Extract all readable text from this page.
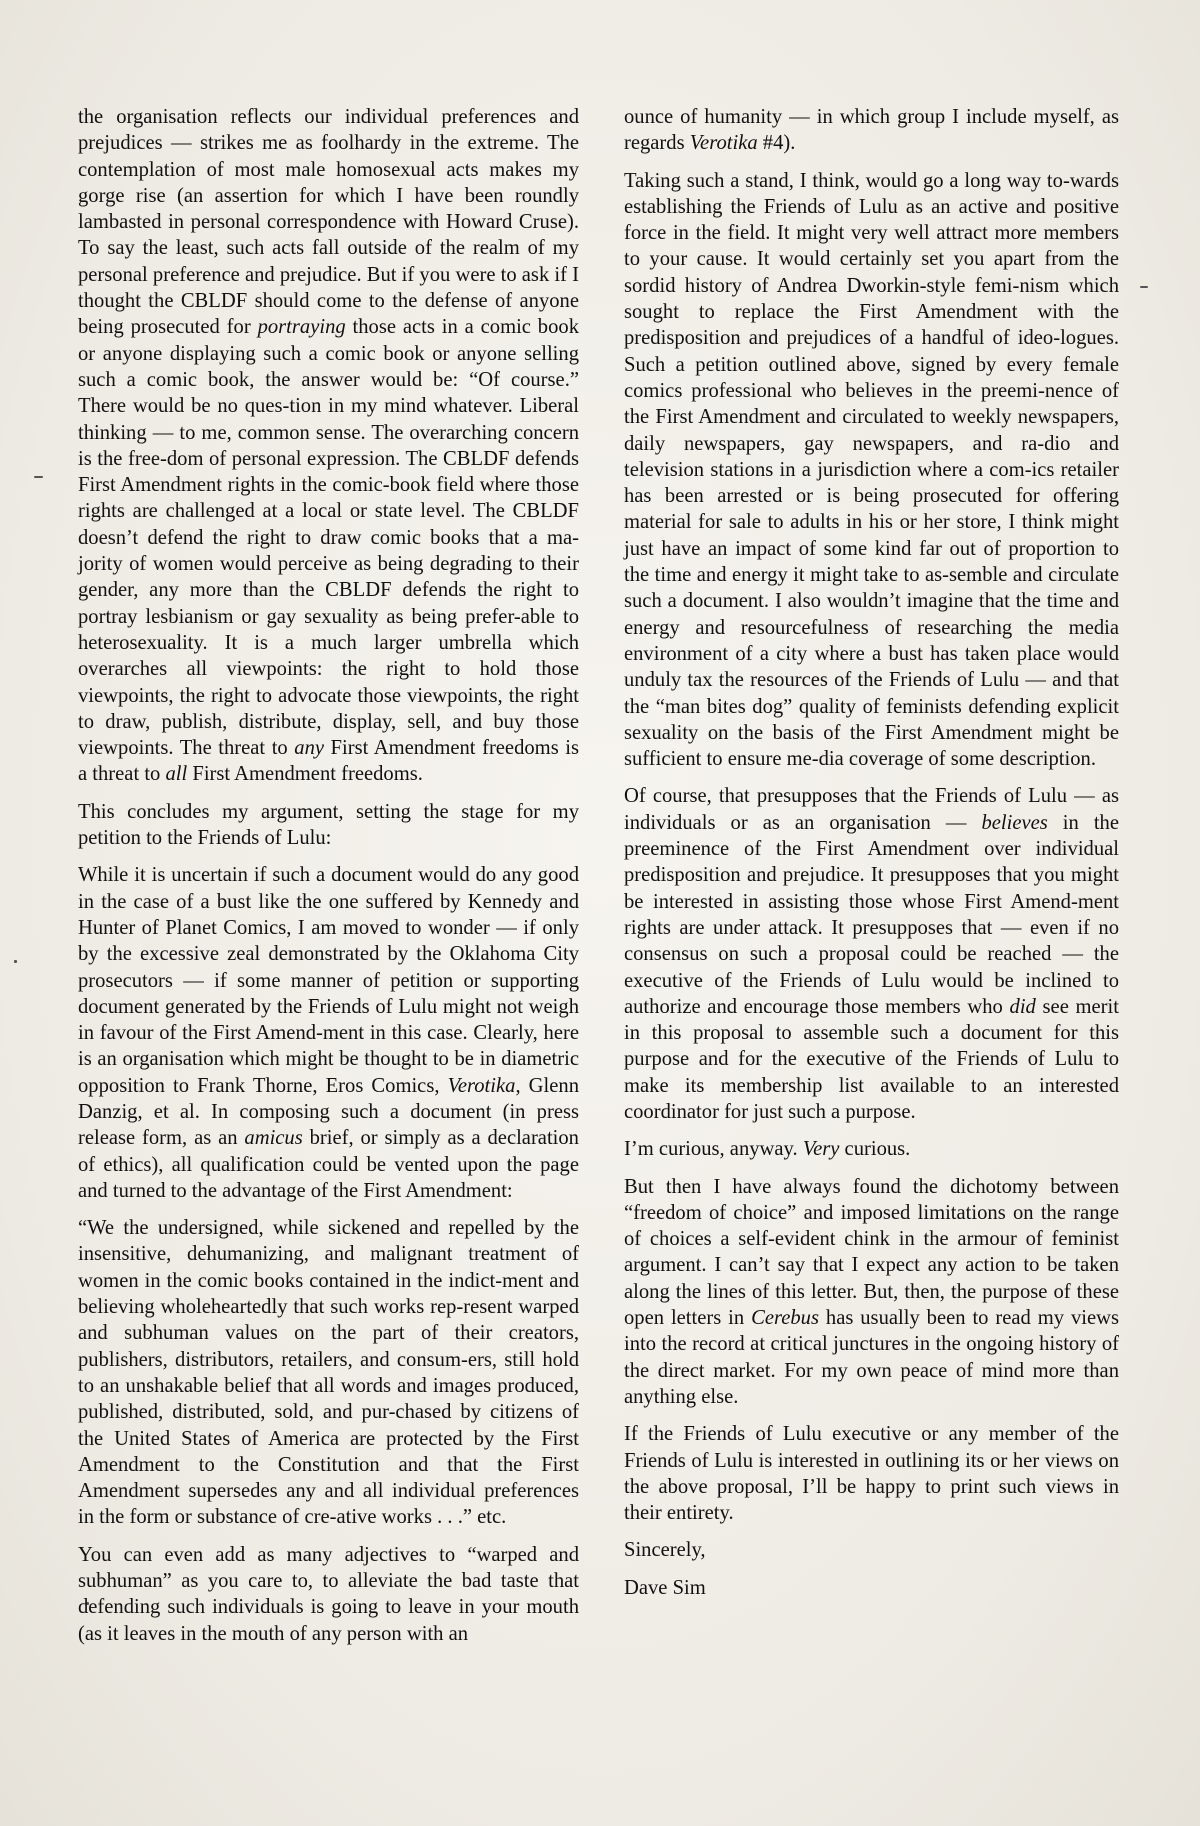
the organisation reflects our individual preferences and prejudices — strikes me as foolhardy in the extreme. The contemplation of most male homosexual acts makes my gorge rise (an assertion for which I have been roundly lambasted in personal correspondence with Howard Cruse). To say the least, such acts fall outside of the realm of my personal preference and prejudice. But if you were to ask if I thought the CBLDF should come to the defense of anyone being prosecuted for portraying those acts in a comic book or anyone displaying such a comic book or anyone selling such a comic book, the answer would be: “Of course.” There would be no ques-tion in my mind whatever. Liberal thinking — to me, common sense. The overarching concern is the free-dom of personal expression. The CBLDF defends First Amendment rights in the comic-book field where those rights are challenged at a local or state level. The CBLDF doesn’t defend the right to draw comic books that a ma-jority of women would perceive as being degrading to their gender, any more than the CBLDF defends the right to portray lesbianism or gay sexuality as being prefer-able to heterosexuality. It is a much larger umbrella which overarches all viewpoints: the right to hold those viewpoints, the right to advocate those viewpoints, the right to draw, publish, distribute, display, sell, and buy those viewpoints. The threat to any First Amendment freedoms is a threat to all First Amendment freedoms.

This concludes my argument, setting the stage for my petition to the Friends of Lulu:

While it is uncertain if such a document would do any good in the case of a bust like the one suffered by Kennedy and Hunter of Planet Comics, I am moved to wonder — if only by the excessive zeal demonstrated by the Oklahoma City prosecutors — if some manner of petition or supporting document generated by the Friends of Lulu might not weigh in favour of the First Amend-ment in this case. Clearly, here is an organisation which might be thought to be in diametric opposition to Frank Thorne, Eros Comics, Verotika, Glenn Danzig, et al. In composing such a document (in press release form, as an amicus brief, or simply as a declaration of ethics), all qualification could be vented upon the page and turned to the advantage of the First Amendment:

“We the undersigned, while sickened and repelled by the insensitive, dehumanizing, and malignant treatment of women in the comic books contained in the indict-ment and believing wholeheartedly that such works rep-resent warped and subhuman values on the part of their creators, publishers, distributors, retailers, and consum-ers, still hold to an unshakable belief that all words and images produced, published, distributed, sold, and pur-chased by citizens of the United States of America are protected by the First Amendment to the Constitution and that the First Amendment supersedes any and all individual preferences in the form or substance of cre-ative works . . .” etc.

You can even add as many adjectives to “warped and subhuman” as you care to, to alleviate the bad taste that defending such individuals is going to leave in your mouth (as it leaves in the mouth of any person with an

ounce of humanity — in which group I include myself, as regards Verotika #4).

Taking such a stand, I think, would go a long way to-wards establishing the Friends of Lulu as an active and positive force in the field. It might very well attract more members to your cause. It would certainly set you apart from the sordid history of Andrea Dworkin-style femi-nism which sought to replace the First Amendment with the predisposition and prejudices of a handful of ideo-logues. Such a petition outlined above, signed by every female comics professional who believes in the preemi-nence of the First Amendment and circulated to weekly newspapers, daily newspapers, gay newspapers, and ra-dio and television stations in a jurisdiction where a com-ics retailer has been arrested or is being prosecuted for offering material for sale to adults in his or her store, I think might just have an impact of some kind far out of proportion to the time and energy it might take to as-semble and circulate such a document. I also wouldn’t imagine that the time and energy and resourcefulness of researching the media environment of a city where a bust has taken place would unduly tax the resources of the Friends of Lulu — and that the “man bites dog” quality of feminists defending explicit sexuality on the basis of the First Amendment might be sufficient to ensure me-dia coverage of some description.

Of course, that presupposes that the Friends of Lulu — as individuals or as an organisation — believes in the preeminence of the First Amendment over individual predisposition and prejudice. It presupposes that you might be interested in assisting those whose First Amend-ment rights are under attack. It presupposes that — even if no consensus on such a proposal could be reached — the executive of the Friends of Lulu would be inclined to authorize and encourage those members who did see merit in this proposal to assemble such a document for this purpose and for the executive of the Friends of Lulu to make its membership list available to an interested coordinator for just such a purpose.

I’m curious, anyway. Very curious.

But then I have always found the dichotomy between “freedom of choice” and imposed limitations on the range of choices a self-evident chink in the armour of feminist argument. I can’t say that I expect any action to be taken along the lines of this letter. But, then, the purpose of these open letters in Cerebus has usually been to read my views into the record at critical junctures in the ongoing history of the direct market. For my own peace of mind more than anything else.

If the Friends of Lulu executive or any member of the Friends of Lulu is interested in outlining its or her views on the above proposal, I’ll be happy to print such views in their entirety.

Sincerely,

Dave Sim
